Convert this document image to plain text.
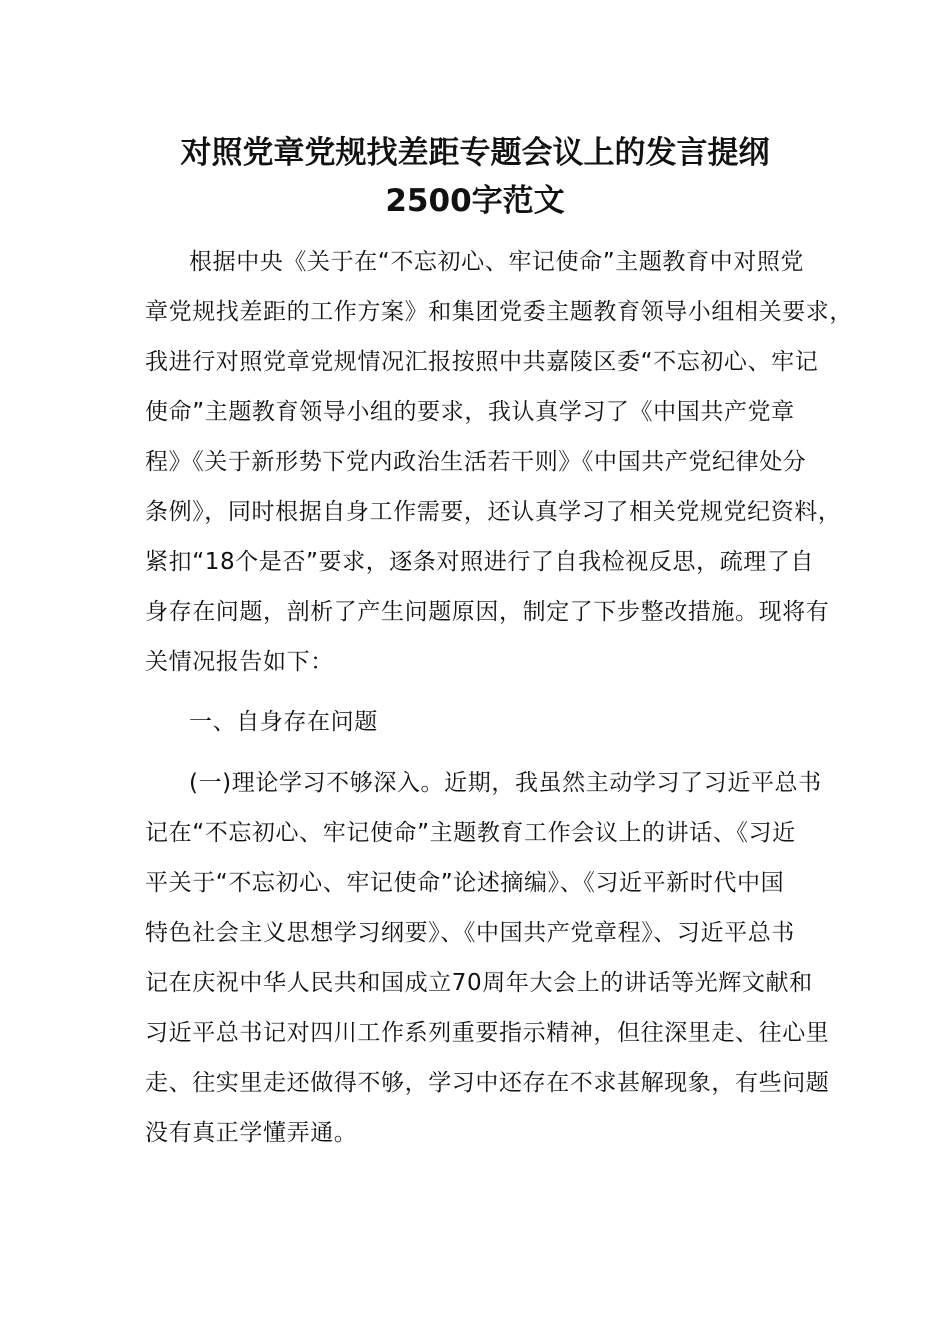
对照党章党规找差距专题会议上的发言提纲
2500字范文
根据中央《关于在“不忘初心、牢记使命”主题教育中对照党
章党规找差距的工作方案》和集团党委主题教育领导小组相关要求，
我进行对照党章党规情况汇报按照中共嘉陵区委“不忘初心、牢记
使命”主题教育领导小组的要求，我认真学习了《中国共产党章
程》《关于新形势下党内政治生活若干则》《中国共产党纪律处分
条例》，同时根据自身工作需要，还认真学习了相关党规党纪资料，
紧扣“18个是否”要求，逐条对照进行了自我检视反思，疏理了自
身存在问题，剖析了产生问题原因，制定了下步整改措施。现将有
关情况报告如下：
一、自身存在问题
(一)理论学习不够深入。近期，我虽然主动学习了习近平总书
记在“不忘初心、牢记使命”主题教育工作会议上的讲话、《习近
平关于“不忘初心、牢记使命”论述摘编》、《习近平新时代中国
特色社会主义思想学习纲要》、《中国共产党章程》、习近平总书
记在庆祝中华人民共和国成立70周年大会上的讲话等光辉文献和
习近平总书记对四川工作系列重要指示精神，但往深里走、往心里
走、往实里走还做得不够，学习中还存在不求甚解现象，有些问题
没有真正学懂弄通。
